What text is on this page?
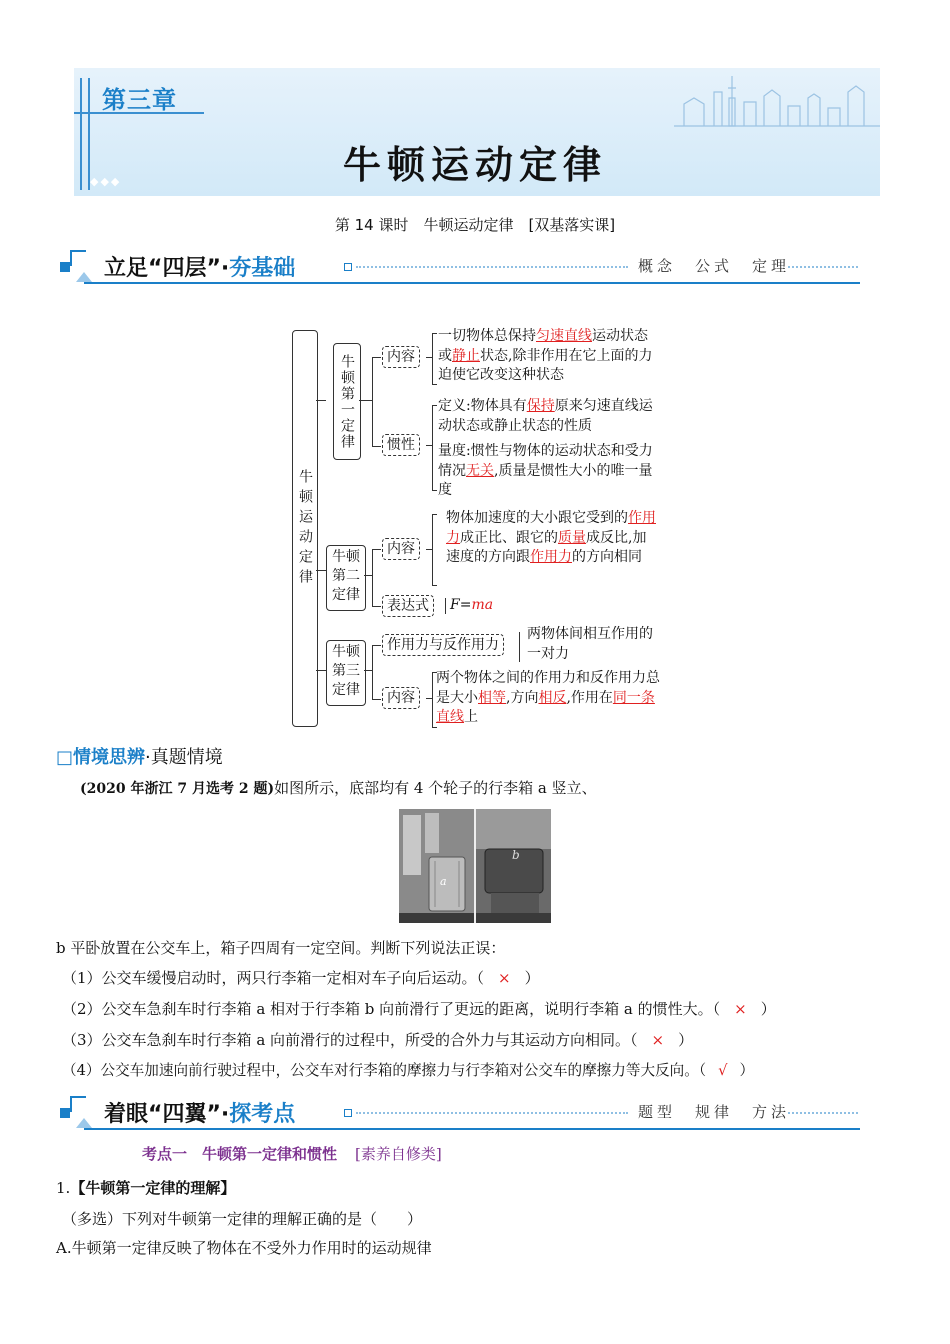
第三章
牛顿运动定律
◆◆◆
第 14 课时　牛顿运动定律　[双基落实课]
立足“四层”·夯基础	概念　公式　定理
牛顿运动定律
牛顿第一定律	内容
惯性
一切物体总保持匀速直线运动状态或静止状态,除非作用在它上面的力迫使它改变这种状态
定义:物体具有保持原来匀速直线运动状态或静止状态的性质
量度:惯性与物体的运动状态和受力情况无关,质量是惯性大小的唯一量度
牛顿第二定律
内容
表达式
物体加速度的大小跟它受到的作用力成正比、跟它的质量成反比,加速度的方向跟作用力的方向相同
F=ma
牛顿第三定律
作用力与反作用力
内容
两物体间相互作用的一对力
两个物体之间的作用力和反作用力总是大小相等,方向相反,作用在同一条直线上
□情境思辨·真题情境
(2020 年浙江 7 月选考 2 题)如图所示，底部均有 4 个轮子的行李箱 a 竖立、
a
b
b 平卧放置在公交车上，箱子四周有一定空间。判断下列说法正误：
（1）公交车缓慢启动时，两只行李箱一定相对车子向后运动。（ × ）
（2）公交车急刹车时行李箱 a 相对于行李箱 b 向前滑行了更远的距离，说明行李箱 a 的惯性大。（ × ）
（3）公交车急刹车时行李箱 a 向前滑行的过程中，所受的合外力与其运动方向相同。（ × ）
（4）公交车加速向前行驶过程中，公交车对行李箱的摩擦力与行李箱对公交车的摩擦力等大反向。（ √ ）
着眼“四翼”·探考点	题型　规律　方法
考点一　牛顿第一定律和惯性 [素养自修类]
1.【牛顿第一定律的理解】
（多选）下列对牛顿第一定律的理解正确的是（　　）
A.牛顿第一定律反映了物体在不受外力作用时的运动规律
